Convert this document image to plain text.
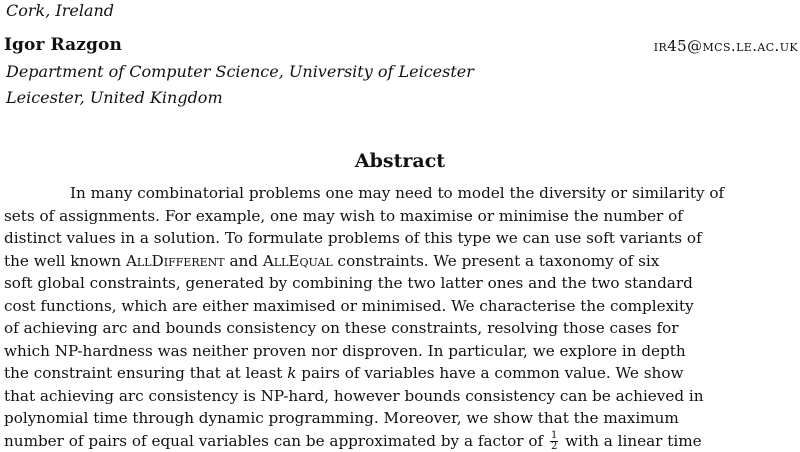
Cork, Ireland
Igor Razgon	ir45@mcs.le.ac.uk
Department of Computer Science, University of Leicester
Leicester, United Kingdom
Abstract
In many combinatorial problems one may need to model the diversity or similarity of
sets of assignments. For example, one may wish to maximise or minimise the number of
distinct values in a solution. To formulate problems of this type we can use soft variants of
the well known AllDifferent and AllEqual constraints. We present a taxonomy of six
soft global constraints, generated by combining the two latter ones and the two standard
cost functions, which are either maximised or minimised. We characterise the complexity
of achieving arc and bounds consistency on these constraints, resolving those cases for
which NP-hardness was neither proven nor disproven. In particular, we explore in depth
the constraint ensuring that at least k pairs of variables have a common value. We show
that achieving arc consistency is NP-hard, however bounds consistency can be achieved in
polynomial time through dynamic programming. Moreover, we show that the maximum
number of pairs of equal variables can be approximated by a factor of $\frac{1}{2}$ with a linear time
